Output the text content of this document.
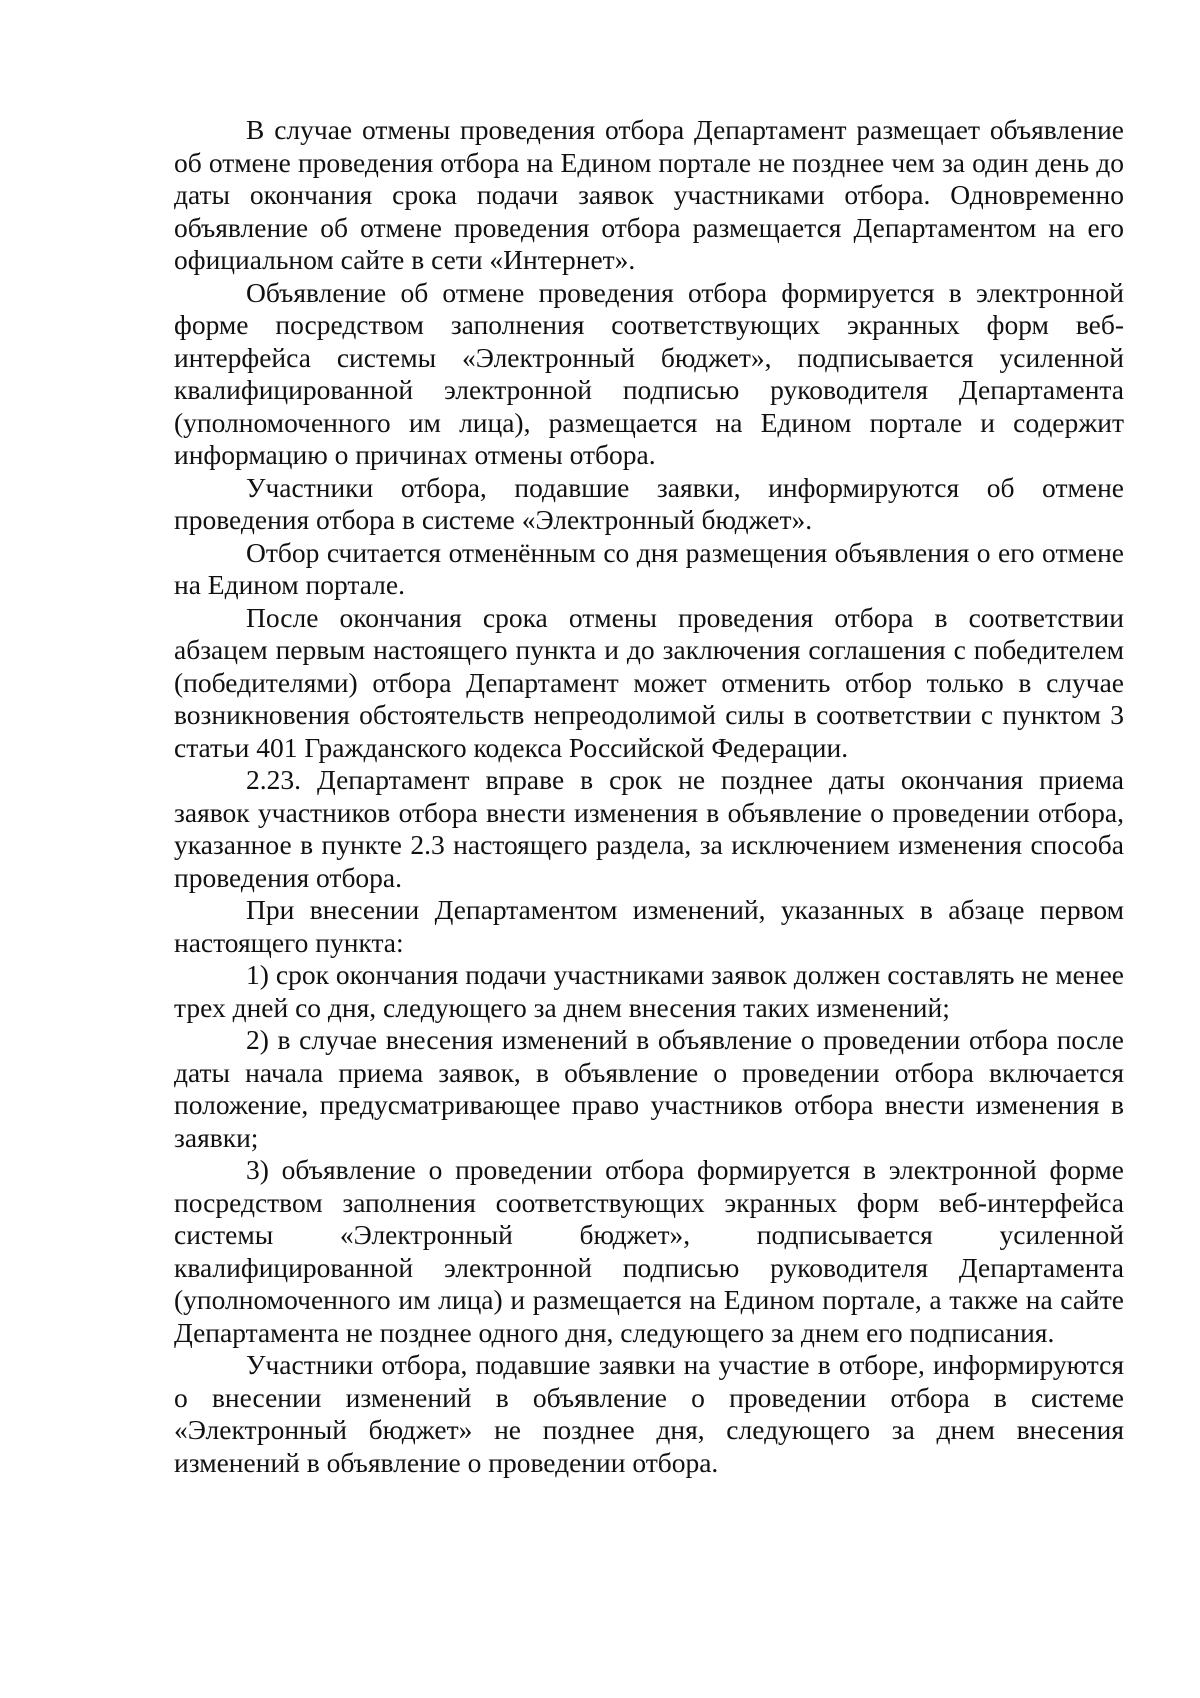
В случае отмены проведения отбора Департамент размещает объявление об отмене проведения отбора на Едином портале не позднее чем за один день до даты окончания срока подачи заявок участниками отбора. Одновременно объявление об отмене проведения отбора размещается Департаментом на его официальном сайте в сети «Интернет».

Объявление об отмене проведения отбора формируется в электронной форме посредством заполнения соответствующих экранных форм веб-интерфейса системы «Электронный бюджет», подписывается усиленной квалифицированной электронной подписью руководителя Департамента (уполномоченного им лица), размещается на Едином портале и содержит информацию о причинах отмены отбора.

Участники отбора, подавшие заявки, информируются об отмене проведения отбора в системе «Электронный бюджет».

Отбор считается отменённым со дня размещения объявления о его отмене на Едином портале.

После окончания срока отмены проведения отбора в соответствии абзацем первым настоящего пункта и до заключения соглашения с победителем (победителями) отбора Департамент может отменить отбор только в случае возникновения обстоятельств непреодолимой силы в соответствии с пунктом 3 статьи 401 Гражданского кодекса Российской Федерации.

2.23. Департамент вправе в срок не позднее даты окончания приема заявок участников отбора внести изменения в объявление о проведении отбора, указанное в пункте 2.3 настоящего раздела, за исключением изменения способа проведения отбора.

При внесении Департаментом изменений, указанных в абзаце первом настоящего пункта:

1) срок окончания подачи участниками заявок должен составлять не менее трех дней со дня, следующего за днем внесения таких изменений;

2) в случае внесения изменений в объявление о проведении отбора после даты начала приема заявок, в объявление о проведении отбора включается положение, предусматривающее право участников отбора внести изменения в заявки;

3) объявление о проведении отбора формируется в электронной форме посредством заполнения соответствующих экранных форм веб-интерфейса системы «Электронный бюджет», подписывается усиленной квалифицированной электронной подписью руководителя Департамента (уполномоченного им лица) и размещается на Едином портале, а также на сайте Департамента не позднее одного дня, следующего за днем его подписания.

Участники отбора, подавшие заявки на участие в отборе, информируются о внесении изменений в объявление о проведении отбора в системе «Электронный бюджет» не позднее дня, следующего за днем внесения изменений в объявление о проведении отбора.
